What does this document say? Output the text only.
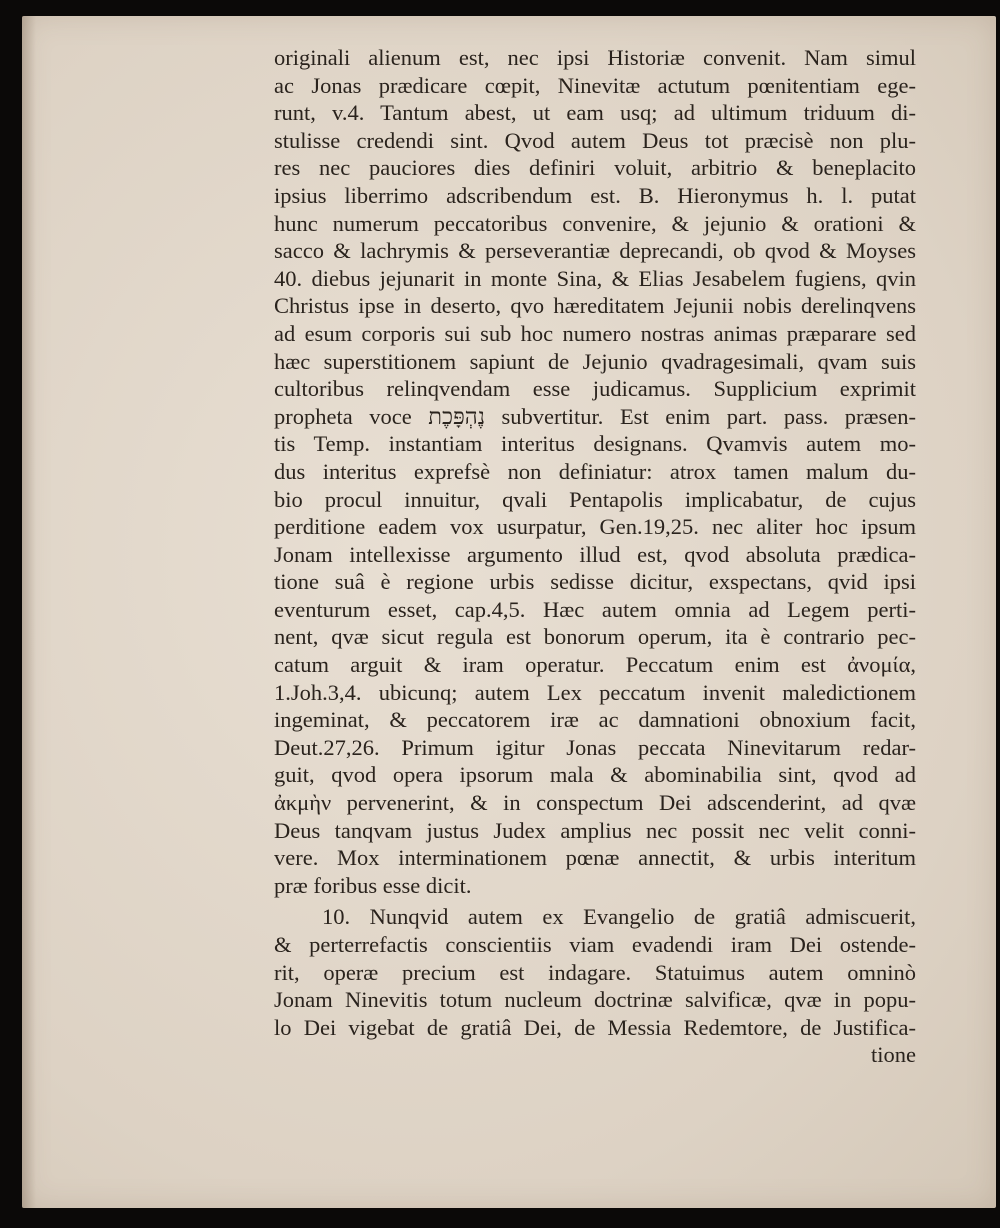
originali alienum est, nec ipsi Historiæ convenit. Nam simul
ac Jonas prædicare cœpit, Ninevitæ actutum pœnitentiam ege-
runt, v.4. Tantum abest, ut eam usq; ad ultimum triduum di-
stulisse credendi sint. Qvod autem Deus tot præcisè non plu-
res nec pauciores dies definiri voluit, arbitrio & beneplacito
ipsius liberrimo adscribendum est. B. Hieronymus h. l. putat
hunc numerum peccatoribus convenire, & jejunio & orationi &
sacco & lachrymis & perseverantiæ deprecandi, ob qvod & Moyses
40. diebus jejunarit in monte Sina, & Elias Jesabelem fugiens, qvin
Christus ipse in deserto, qvo hæreditatem Jejunii nobis derelinqvens
ad esum corporis sui sub hoc numero nostras animas præparare sed
hæc superstitionem sapiunt de Jejunio qvadragesimali, qvam suis
cultoribus relinqvendam esse judicamus. Supplicium exprimit
propheta voce נֶהְפָּכֶת subvertitur. Est enim part. pass. præsen-
tis Temp. instantiam interitus designans. Qvamvis autem mo-
dus interitus exprefsè non definiatur: atrox tamen malum du-
bio procul innuitur, qvali Pentapolis implicabatur, de cujus
perditione eadem vox usurpatur, Gen.19,25. nec aliter hoc ipsum
Jonam intellexisse argumento illud est, qvod absoluta prædica-
tione suâ è regione urbis sedisse dicitur, exspectans, qvid ipsi
eventurum esset, cap.4,5. Hæc autem omnia ad Legem perti-
nent, qvæ sicut regula est bonorum operum, ita è contrario pec-
catum arguit & iram operatur. Peccatum enim est ἀνομία,
1.Joh.3,4. ubicunq; autem Lex peccatum invenit maledictionem
ingeminat, & peccatorem iræ ac damnationi obnoxium facit,
Deut.27,26. Primum igitur Jonas peccata Ninevitarum redar-
guit, qvod opera ipsorum mala & abominabilia sint, qvod ad
ἀκμὴν pervenerint, & in conspectum Dei adscenderint, ad qvæ
Deus tanqvam justus Judex amplius nec possit nec velit conni-
vere. Mox interminationem pœnæ annectit, & urbis interitum
præ foribus esse dicit.
10. Nunqvid autem ex Evangelio de gratiâ admiscuerit,
& perterrefactis conscientiis viam evadendi iram Dei ostende-
rit, operæ precium est indagare. Statuimus autem omninò
Jonam Ninevitis totum nucleum doctrinæ salvificæ, qvæ in popu-
lo Dei vigebat de gratiâ Dei, de Messia Redemtore, de Justifica-
tione
